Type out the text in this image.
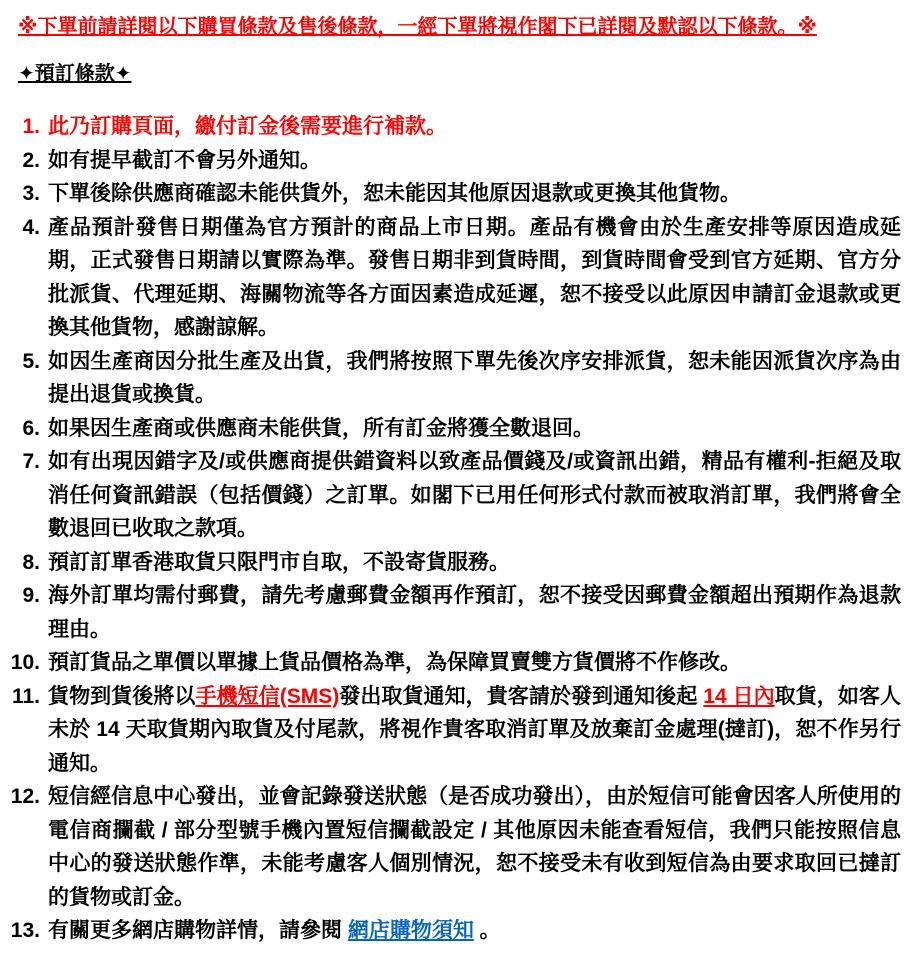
※下單前請詳閱以下購買條款及售後條款，一經下單將視作閣下已詳閱及默認以下條款。※
✦預訂條款✦
1. 此乃訂購頁面，繳付訂金後需要進行補款。
2. 如有提早截訂不會另外通知。
3. 下單後除供應商確認未能供貨外，恕未能因其他原因退款或更換其他貨物。
4. 產品預計發售日期僅為官方預計的商品上市日期。產品有機會由於生產安排等原因造成延期，正式發售日期請以實際為準。發售日期非到貨時間，到貨時間會受到官方延期、官方分批派貨、代理延期、海關物流等各方面因素造成延遲，恕不接受以此原因申請訂金退款或更換其他貨物，感謝諒解。
5. 如因生產商因分批生產及出貨，我們將按照下單先後次序安排派貨，恕未能因派貨次序為由提出退貨或換貨。
6. 如果因生產商或供應商未能供貨，所有訂金將獲全數退回。
7. 如有出現因錯字及/或供應商提供錯資料以致產品價錢及/或資訊出錯，精品有權利-拒絕及取消任何資訊錯誤（包括價錢）之訂單。如閣下已用任何形式付款而被取消訂單，我們將會全數退回已收取之款項。
8. 預訂訂單香港取貨只限門市自取，不設寄貨服務。
9. 海外訂單均需付郵費，請先考慮郵費金額再作預訂，恕不接受因郵費金額超出預期作為退款理由。
10. 預訂貨品之單價以單據上貨品價格為準，為保障買賣雙方貨價將不作修改。
11. 貨物到貨後將以手機短信(SMS)發出取貨通知，貴客請於發到通知後起 14 日內取貨，如客人未於 14 天取貨期內取貨及付尾款，將視作貴客取消訂單及放棄訂金處理(撻訂)，恕不作另行通知。
12. 短信經信息中心發出，並會記錄發送狀態（是否成功發出），由於短信可能會因客人所使用的電信商攔截 / 部分型號手機內置短信攔截設定 / 其他原因未能查看短信，我們只能按照信息中心的發送狀態作準，未能考慮客人個別情況，恕不接受未有收到短信為由要求取回已撻訂的貨物或訂金。
13. 有關更多網店購物詳情，請參閱 網店購物須知 。
